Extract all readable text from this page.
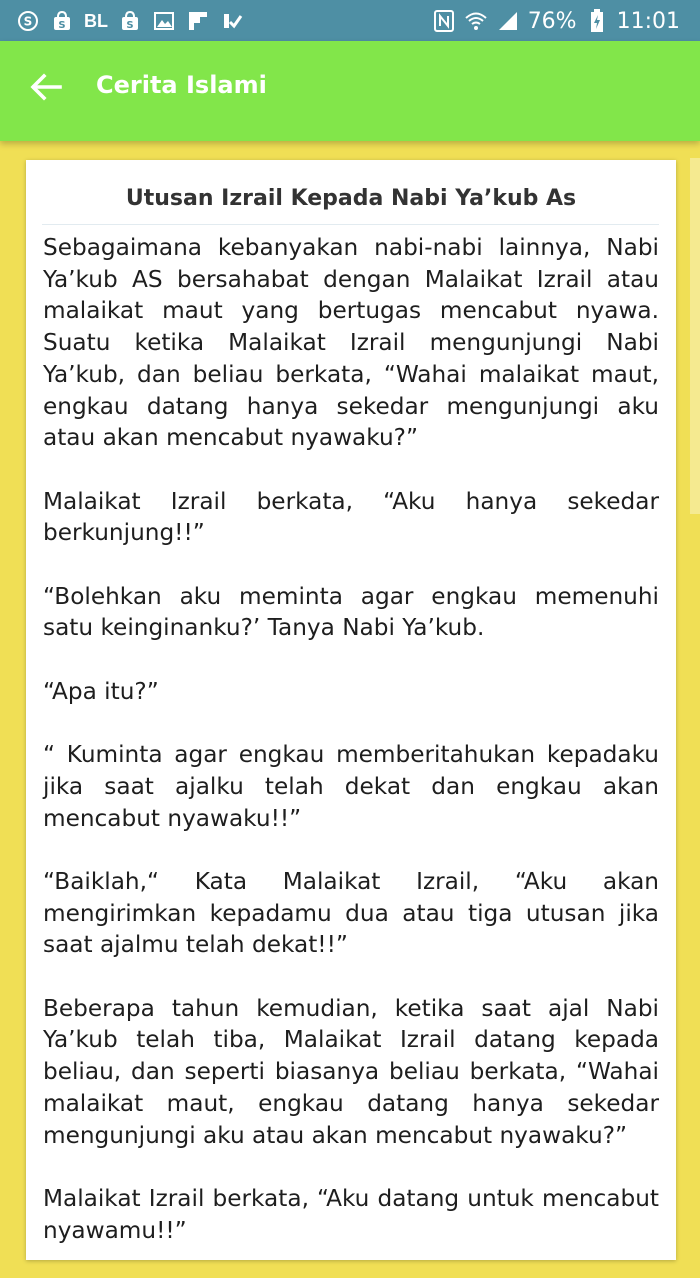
S	S BL S	76% 11:01
Cerita Islami
Utusan Izrail Kepada Nabi Ya’kub As

Sebagaimana kebanyakan nabi-nabi lainnya, Nabi Ya’kub AS bersahabat dengan Malaikat Izrail atau malaikat maut yang bertugas mencabut nyawa. Suatu ketika Malaikat Izrail mengunjungi Nabi Ya’kub, dan beliau berkata, “Wahai malaikat maut, engkau datang hanya sekedar mengunjungi aku atau akan mencabut nyawaku?”

Malaikat Izrail berkata, “Aku hanya sekedar berkunjung!!”

“Bolehkan aku meminta agar engkau memenuhi satu keinginanku?’ Tanya Nabi Ya’kub.

“Apa itu?”

“ Kuminta agar engkau memberitahukan kepadaku jika saat ajalku telah dekat dan engkau akan mencabut nyawaku!!”

“Baiklah,“ Kata Malaikat Izrail, “Aku akan mengirimkan kepadamu dua atau tiga utusan jika saat ajalmu telah dekat!!”

Beberapa tahun kemudian, ketika saat ajal Nabi Ya’kub telah tiba, Malaikat Izrail datang kepada beliau, dan seperti biasanya beliau berkata, “Wahai malaikat maut, engkau datang hanya sekedar mengunjungi aku atau akan mencabut nyawaku?”

Malaikat Izrail berkata, “Aku datang untuk mencabut nyawamu!!”
